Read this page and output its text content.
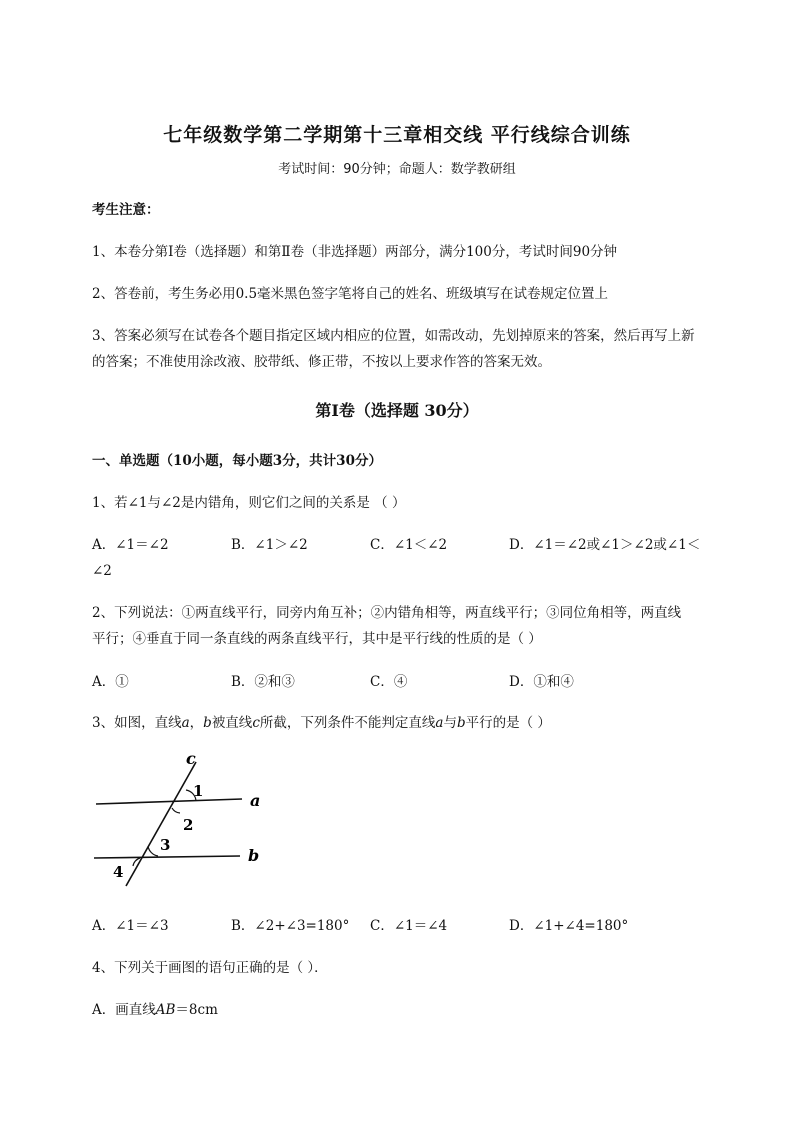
七年级数学第二学期第十三章相交线 平行线综合训练
考试时间：90分钟；命题人：数学教研组
考生注意：
1、本卷分第Ⅰ卷（选择题）和第Ⅱ卷（非选择题）两部分，满分100分，考试时间90分钟
2、答卷前，考生务必用0.5毫米黑色签字笔将自己的姓名、班级填写在试卷规定位置上
3、答案必须写在试卷各个题目指定区域内相应的位置，如需改动，先划掉原来的答案，然后再写上新
的答案；不准使用涂改液、胶带纸、修正带，不按以上要求作答的答案无效。
第Ⅰ卷（选择题 30分）
一、单选题（10小题，每小题3分，共计30分）
1、若∠1与∠2是内错角，则它们之间的关系是 （ ）
A．∠1＝∠2	B．∠1＞∠2	C．∠1＜∠2	D．∠1＝∠2或∠1＞∠2或∠1＜
∠2
2、下列说法：①两直线平行，同旁内角互补；②内错角相等，两直线平行；③同位角相等，两直线
平行；④垂直于同一条直线的两条直线平行，其中是平行线的性质的是（ ）
A．①	B．②和③	C．④	D．①和④
3、如图，直线a，b被直线c所截，下列条件不能判定直线a与b平行的是（ ）
c
a
b
1
2
3
4
A．∠1＝∠3	B．∠2+∠3=180° C．∠1＝∠4	D．∠1+∠4=180°
4、下列关于画图的语句正确的是（ ）．
A．画直线AB＝8cm
